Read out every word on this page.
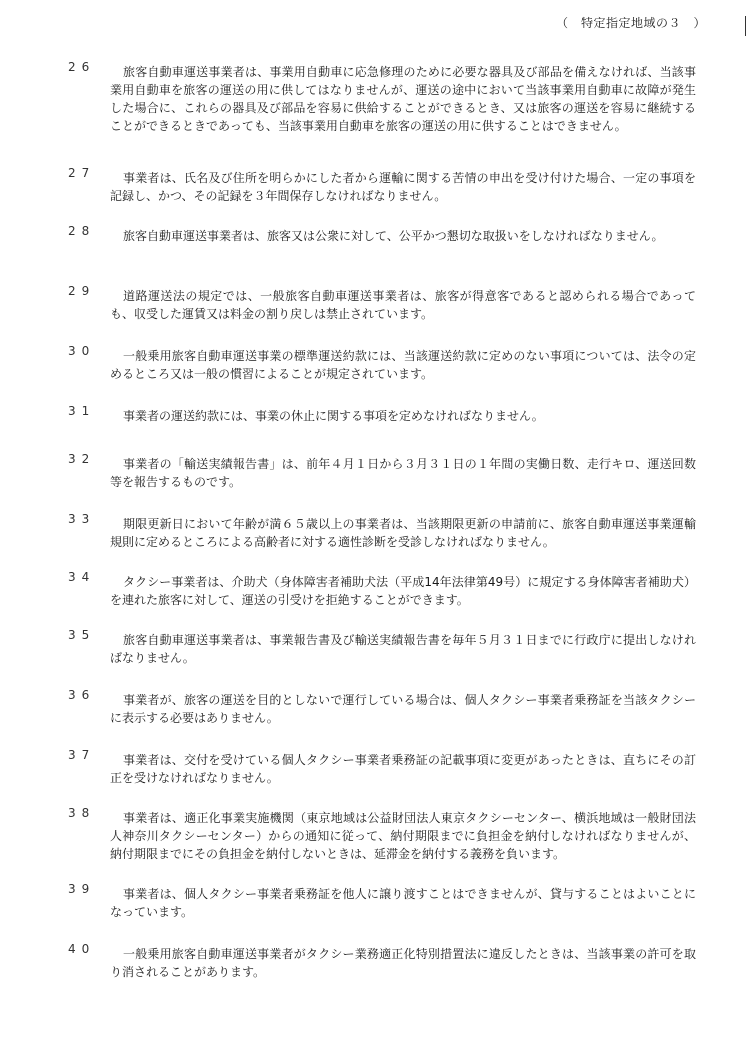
（　特定指定地域の３　）
26	旅客自動車運送事業者は、事業用自動車に応急修理のために必要な器具及び部品を備えなければ、当該事業用自動車を旅客の運送の用に供してはなりませんが、運送の途中において当該事業用自動車に故障が発生した場合に、これらの器具及び部品を容易に供給することができるとき、又は旅客の運送を容易に継続することができるときであっても、当該事業用自動車を旅客の運送の用に供することはできません。
27	事業者は、氏名及び住所を明らかにした者から運輸に関する苦情の申出を受け付けた場合、一定の事項を記録し、かつ、その記録を３年間保存しなければなりません。
28	旅客自動車運送事業者は、旅客又は公衆に対して、公平かつ懇切な取扱いをしなければなりません。
29	道路運送法の規定では、一般旅客自動車運送事業者は、旅客が得意客であると認められる場合であっても、収受した運賃又は料金の割り戻しは禁止されています。
30	一般乗用旅客自動車運送事業の標準運送約款には、当該運送約款に定めのない事項については、法令の定めるところ又は一般の慣習によることが規定されています。
31	事業者の運送約款には、事業の休止に関する事項を定めなければなりません。
32	事業者の「輸送実績報告書」は、前年４月１日から３月３１日の１年間の実働日数、走行キロ、運送回数等を報告するものです。
33	期限更新日において年齢が満６５歳以上の事業者は、当該期限更新の申請前に、旅客自動車運送事業運輸規則に定めるところによる高齢者に対する適性診断を受診しなければなりません。
34	タクシー事業者は、介助犬（身体障害者補助犬法（平成14年法律第49号）に規定する身体障害者補助犬）を連れた旅客に対して、運送の引受けを拒絶することができます。
35	旅客自動車運送事業者は、事業報告書及び輸送実績報告書を毎年５月３１日までに行政庁に提出しなければなりません。
36	事業者が、旅客の運送を目的としないで運行している場合は、個人タクシー事業者乗務証を当該タクシーに表示する必要はありません。
37	事業者は、交付を受けている個人タクシー事業者乗務証の記載事項に変更があったときは、直ちにその訂正を受けなければなりません。
38	事業者は、適正化事業実施機関（東京地域は公益財団法人東京タクシーセンター、横浜地域は一般財団法人神奈川タクシーセンター）からの通知に従って、納付期限までに負担金を納付しなければなりませんが、納付期限までにその負担金を納付しないときは、延滞金を納付する義務を負います。
39	事業者は、個人タクシー事業者乗務証を他人に譲り渡すことはできませんが、貸与することはよいことになっています。
40	一般乗用旅客自動車運送事業者がタクシー業務適正化特別措置法に違反したときは、当該事業の許可を取り消されることがあります。
